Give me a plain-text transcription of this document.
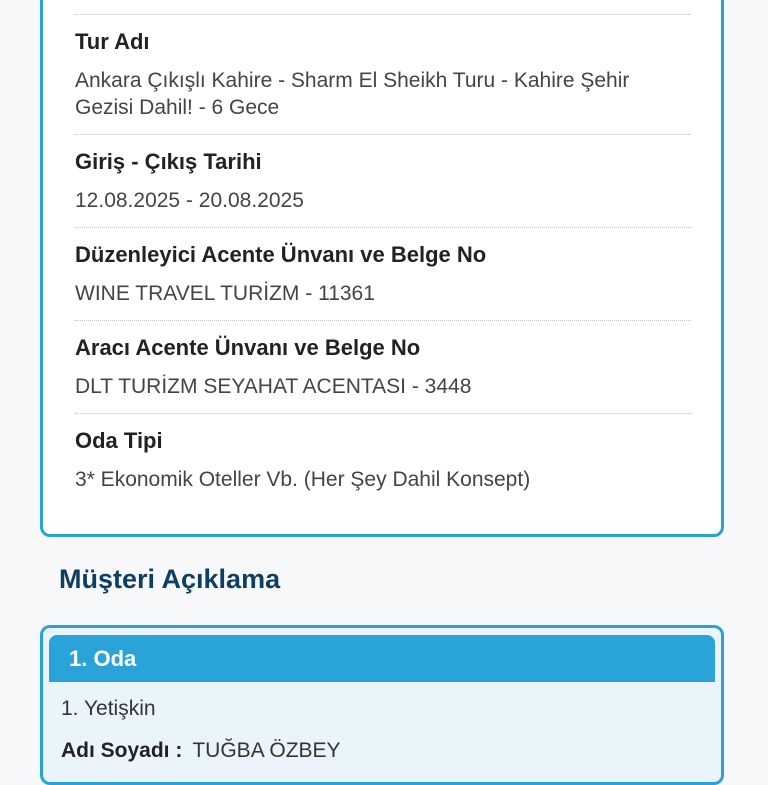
Tur Adı
Ankara Çıkışlı Kahire - Sharm El Sheikh Turu - Kahire Şehir Gezisi Dahil! - 6 Gece
Giriş - Çıkış Tarihi
12.08.2025 - 20.08.2025
Düzenleyici Acente Ünvanı ve Belge No
WINE TRAVEL TURİZM - 11361
Aracı Acente Ünvanı ve Belge No
DLT TURİZM SEYAHAT ACENTASI - 3448
Oda Tipi
3* Ekonomik Oteller Vb. (Her Şey Dahil Konsept)
Müşteri Açıklama
1. Oda
1. Yetişkin
Adı Soyadı : TUĞBA ÖZBEY
